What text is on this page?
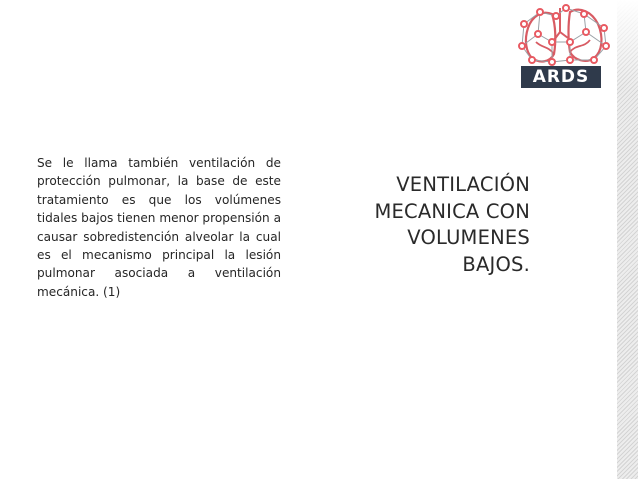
ARDS
Se le llama también ventilación de protección pulmonar, la base de este tratamiento es que los volúmenes tidales bajos tienen menor propensión a causar sobredistención alveolar la cual es el mecanismo principal la lesión pulmonar asociada a ventilación mecánica. (1)
VENTILACIÓN
MECANICA CON
VOLUMENES
BAJOS.
